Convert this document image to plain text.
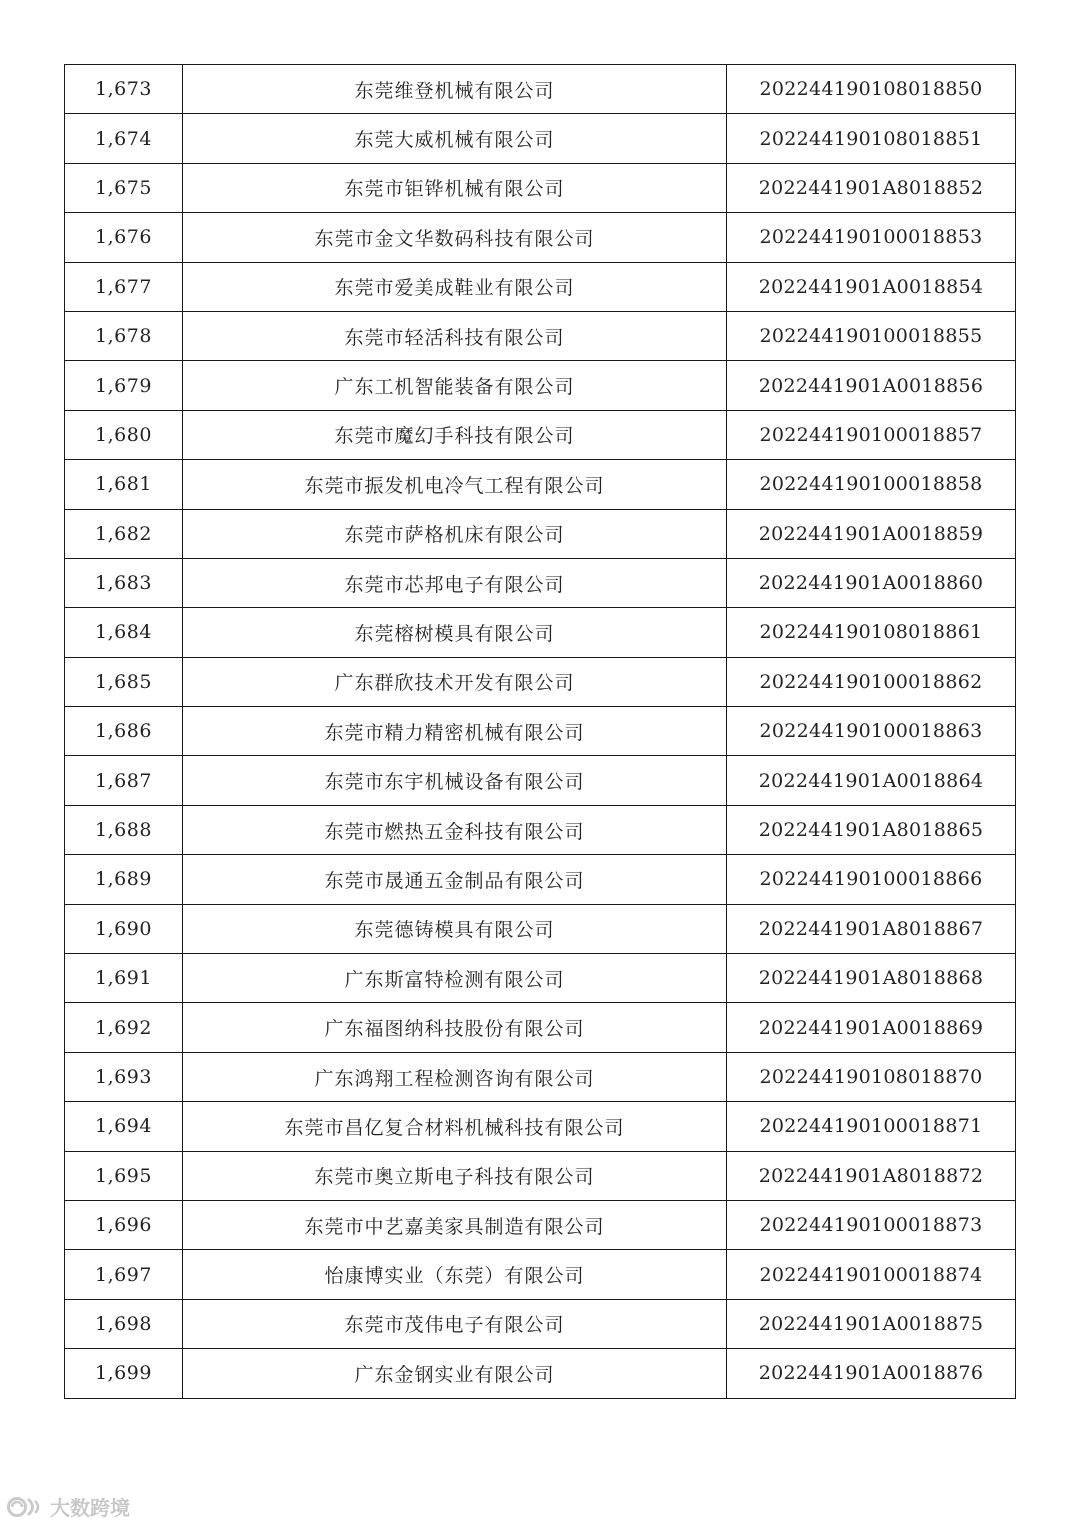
1,673	东莞维登机械有限公司	202244190108018850
1,674	东莞大威机械有限公司	202244190108018851
1,675	东莞市钜铧机械有限公司	2022441901A8018852
1,676	东莞市金文华数码科技有限公司	202244190100018853
1,677	东莞市爱美成鞋业有限公司	2022441901A0018854
1,678	东莞市轻活科技有限公司	202244190100018855
1,679	广东工机智能装备有限公司	2022441901A0018856
1,680	东莞市魔幻手科技有限公司	202244190100018857
1,681	东莞市振发机电冷气工程有限公司	202244190100018858
1,682	东莞市萨格机床有限公司	2022441901A0018859
1,683	东莞市芯邦电子有限公司	2022441901A0018860
1,684	东莞榕树模具有限公司	202244190108018861
1,685	广东群欣技术开发有限公司	202244190100018862
1,686	东莞市精力精密机械有限公司	202244190100018863
1,687	东莞市东宇机械设备有限公司	2022441901A0018864
1,688	东莞市燃热五金科技有限公司	2022441901A8018865
1,689	东莞市晟通五金制品有限公司	202244190100018866
1,690	东莞德铸模具有限公司	2022441901A8018867
1,691	广东斯富特检测有限公司	2022441901A8018868
1,692	广东福图纳科技股份有限公司	2022441901A0018869
1,693	广东鸿翔工程检测咨询有限公司	202244190108018870
1,694	东莞市昌亿复合材料机械科技有限公司	202244190100018871
1,695	东莞市奥立斯电子科技有限公司	2022441901A8018872
1,696	东莞市中艺嘉美家具制造有限公司	202244190100018873
1,697	怡康博实业（东莞）有限公司	202244190100018874
1,698	东莞市茂伟电子有限公司	2022441901A0018875
1,699	广东金钢实业有限公司	2022441901A0018876
大数跨境
